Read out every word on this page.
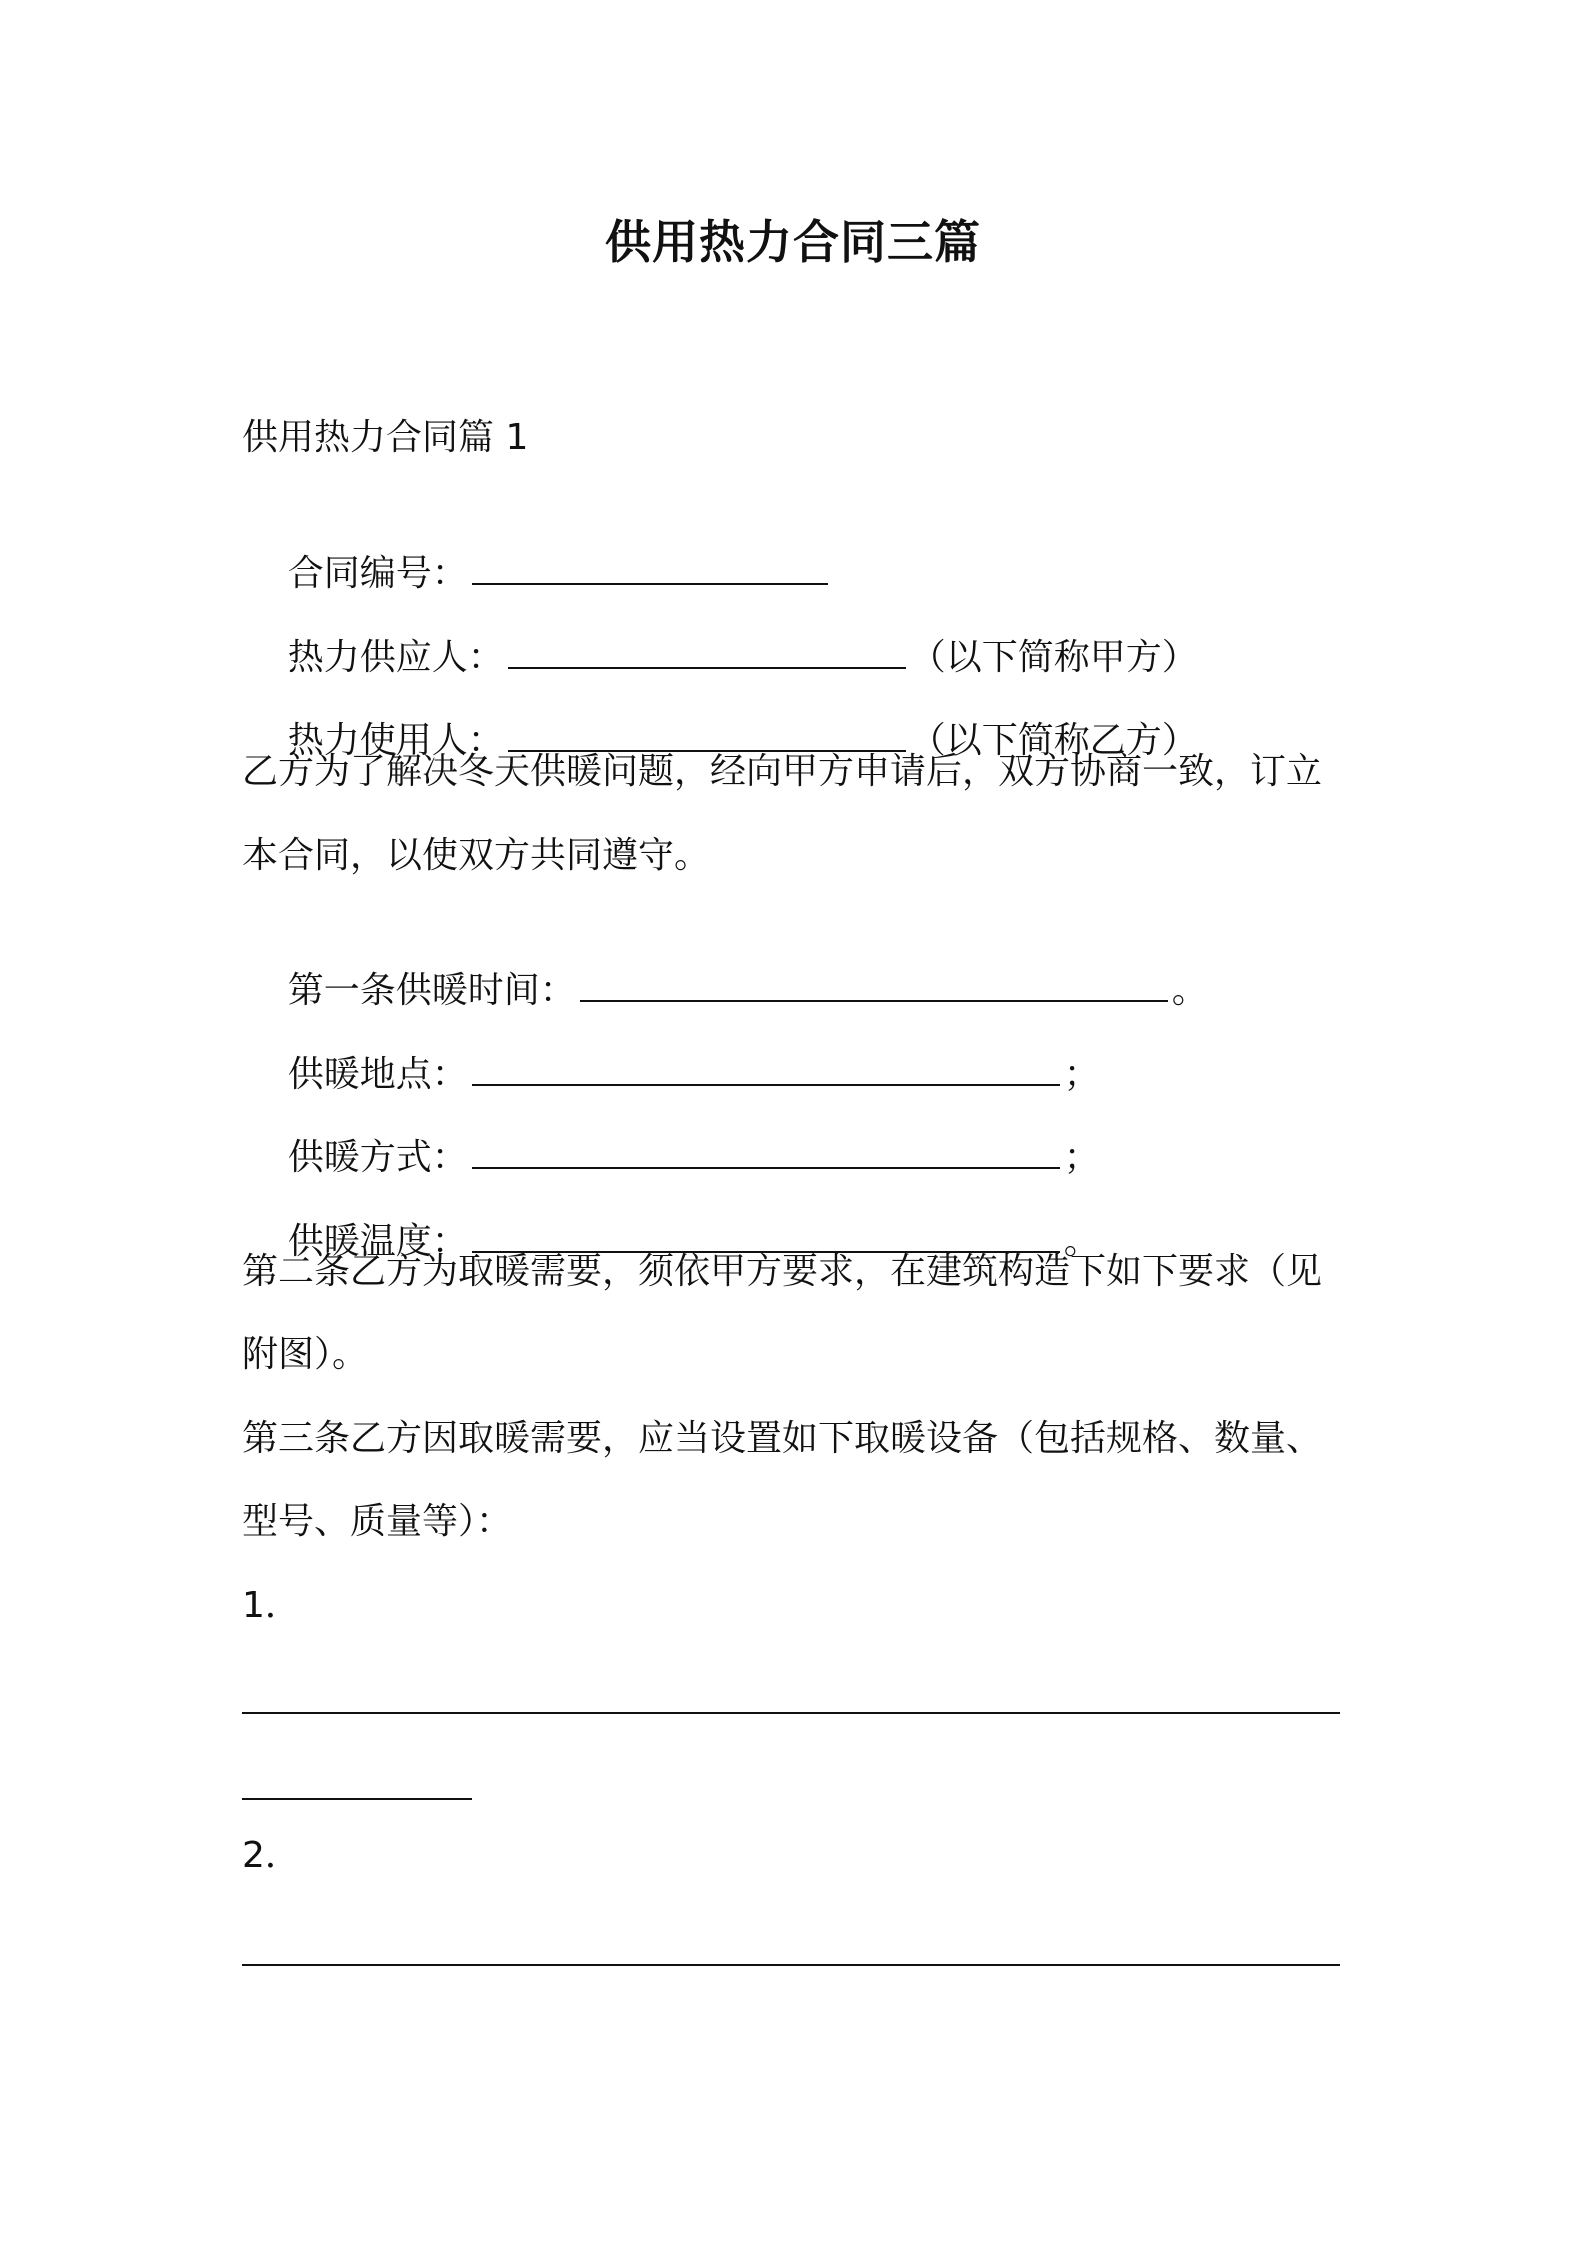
供用热力合同三篇
供用热力合同篇 1

合同编号：

热力供应人：	（以下简称甲方）

热力使用人：	（以下简称乙方）

乙方为了解决冬天供暖问题，经向甲方申请后，双方协商一致，订立
本合同，以使双方共同遵守。

第一条供暖时间：	。

供暖地点：	；

供暖方式：	；

供暖温度：	。

第二条乙方为取暖需要，须依甲方要求，在建筑构造下如下要求（见
附图）。
第三条乙方因取暖需要，应当设置如下取暖设备（包括规格、数量、
型号、质量等）：
1．
2．
